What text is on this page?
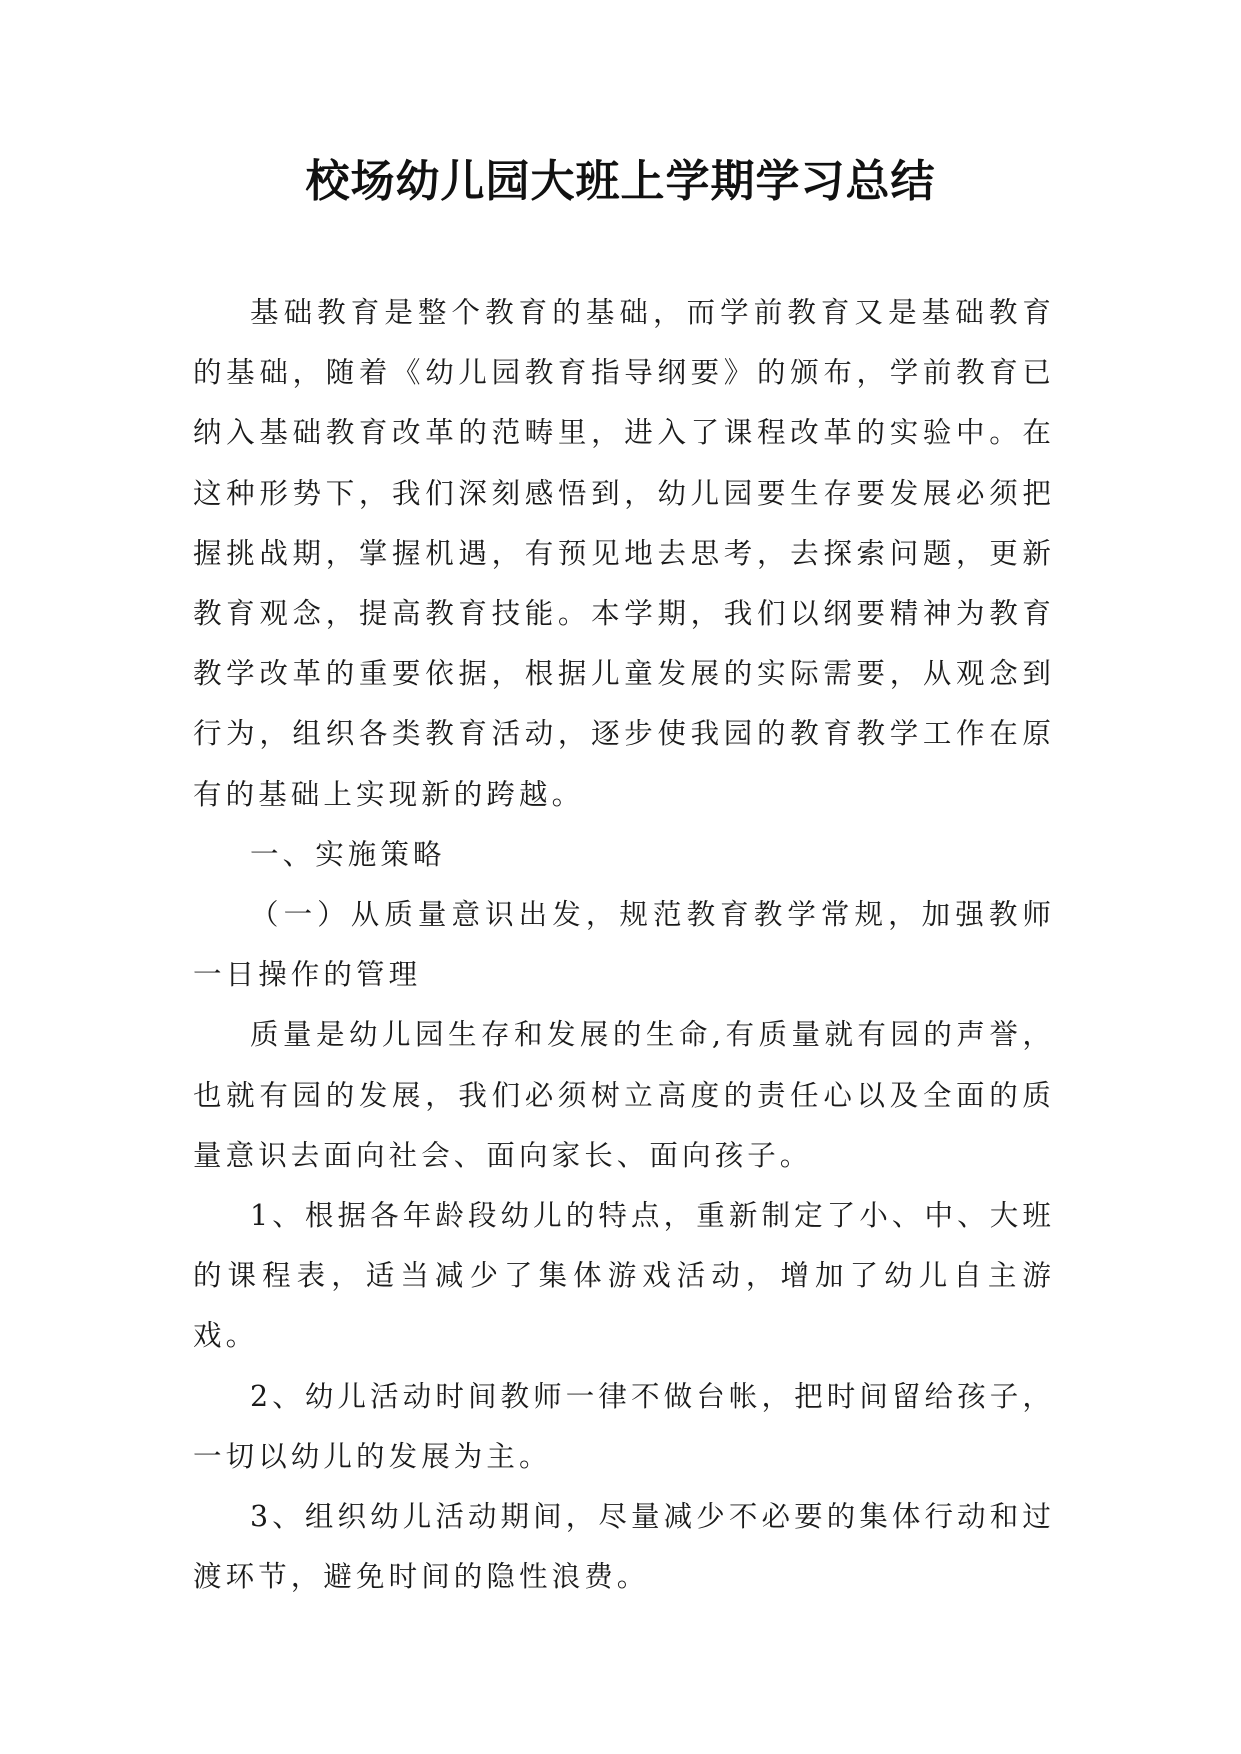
校场幼儿园大班上学期学习总结

基础教育是整个教育的基础，而学前教育又是基础教育的基础，随着《幼儿园教育指导纲要》的颁布，学前教育已纳入基础教育改革的范畴里，进入了课程改革的实验中。在这种形势下，我们深刻感悟到，幼儿园要生存要发展必须把握挑战期，掌握机遇，有预见地去思考，去探索问题，更新教育观念，提高教育技能。本学期，我们以纲要精神为教育教学改革的重要依据，根据儿童发展的实际需要，从观念到行为，组织各类教育活动，逐步使我园的教育教学工作在原有的基础上实现新的跨越。

一、实施策略

（一）从质量意识出发，规范教育教学常规，加强教师一日操作的管理

质量是幼儿园生存和发展的生命,有质量就有园的声誉，也就有园的发展，我们必须树立高度的责任心以及全面的质量意识去面向社会、面向家长、面向孩子。

1、根据各年龄段幼儿的特点，重新制定了小、中、大班的课程表，适当减少了集体游戏活动，增加了幼儿自主游戏。

2、幼儿活动时间教师一律不做台帐，把时间留给孩子，一切以幼儿的发展为主。

3、组织幼儿活动期间，尽量减少不必要的集体行动和过渡环节，避免时间的隐性浪费。
